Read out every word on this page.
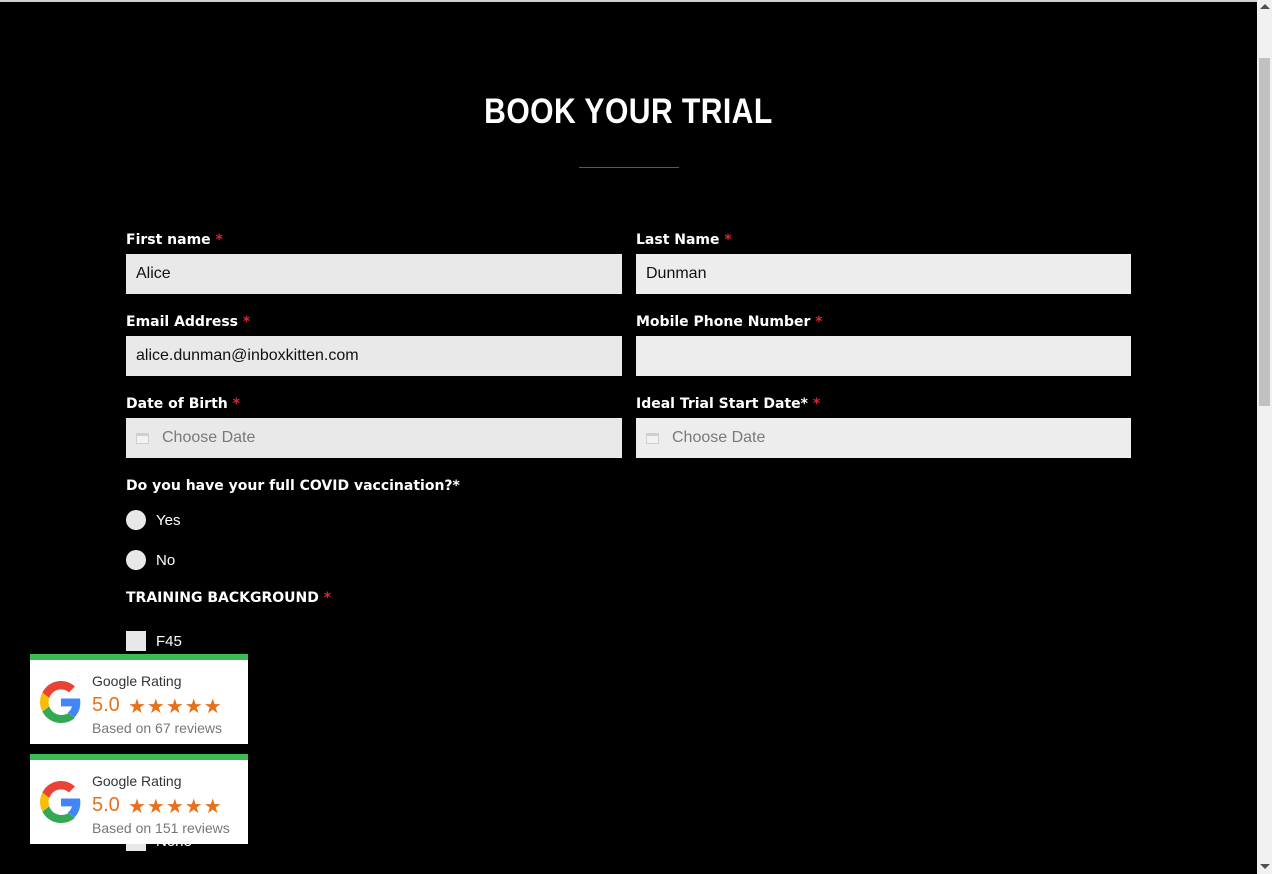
BOOK YOUR TRIAL
First name *
Alice
Last Name *
Dunman
Email Address *
alice.dunman@inboxkitten.com
Mobile Phone Number *
Date of Birth *
Choose Date
Ideal Trial Start Date* *
Choose Date
Do you have your full COVID vaccination?*
Yes
No
TRAINING BACKGROUND *
F45
Google Rating
5.0 ★★★★★
Based on 67 reviews
Google Rating
5.0 ★★★★★
Based on 151 reviews
